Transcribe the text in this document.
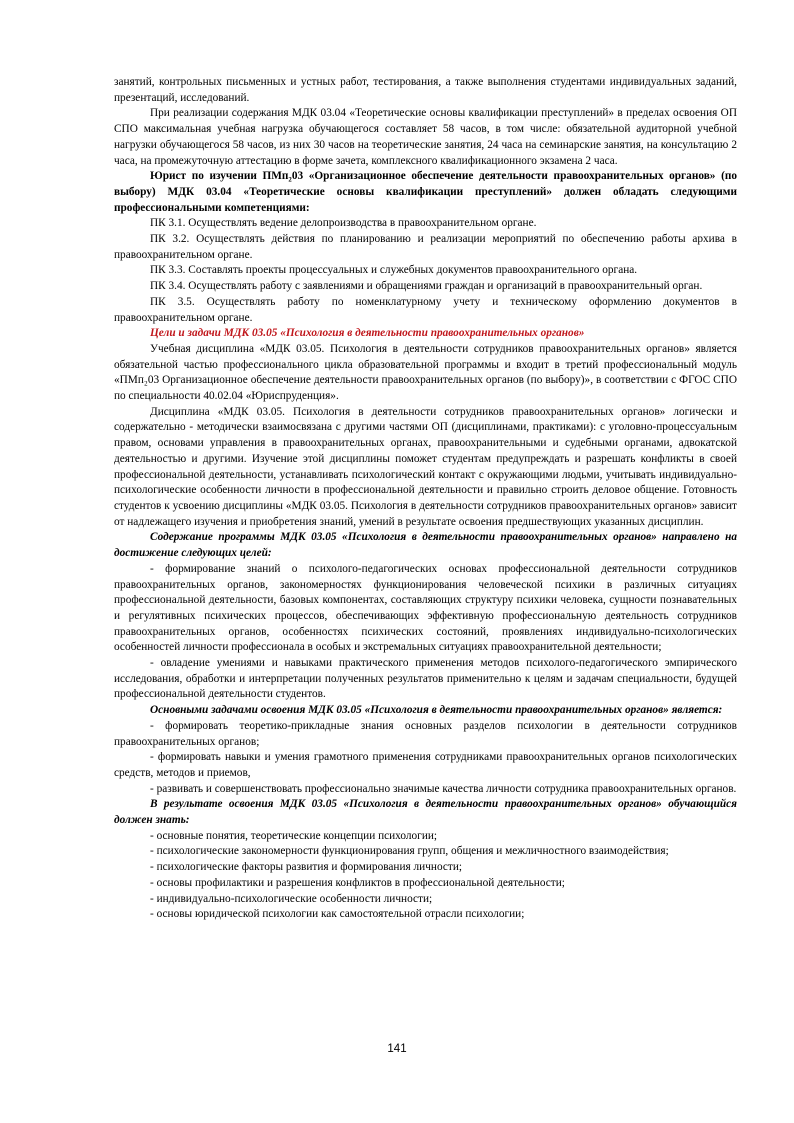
занятий, контрольных письменных и устных работ, тестирования, а также выполнения студентами индивидуальных заданий, презентаций, исследований.

При реализации содержания МДК 03.04 «Теоретические основы квалификации преступлений» в пределах освоения ОП СПО максимальная учебная нагрузка обучающегося составляет 58 часов, в том числе: обязательной аудиторной учебной нагрузки обучающегося 58 часов, из них 30 часов на теоретические занятия, 24 часа на семинарские занятия, на консультацию 2 часа, на промежуточную аттестацию в форме зачета, комплексного квалификационного экзамена 2 часа.

Юрист по изучении ПМп₂03 «Организационное обеспечение деятельности правоохранительных органов» (по выбору) МДК 03.04 «Теоретические основы квалификации преступлений» должен обладать следующими профессиональными компетенциями:

ПК 3.1. Осуществлять ведение делопроизводства в правоохранительном органе.

ПК 3.2. Осуществлять действия по планированию и реализации мероприятий по обеспечению работы архива в правоохранительном органе.

ПК 3.3. Составлять проекты процессуальных и служебных документов правоохранительного органа.

ПК 3.4. Осуществлять работу с заявлениями и обращениями граждан и организаций в правоохранительный орган.

ПК 3.5. Осуществлять работу по номенклатурному учету и техническому оформлению документов в правоохранительном органе.

Цели и задачи МДК 03.05 «Психология в деятельности правоохранительных органов»

Учебная дисциплина «МДК 03.05. Психология в деятельности сотрудников правоохранительных органов» является обязательной частью профессионального цикла образовательной программы и входит в третий профессиональный модуль «ПМп₂03 Организационное обеспечение деятельности правоохранительных органов (по выбору)», в соответствии с ФГОС СПО по специальности 40.02.04 «Юриспруденция».

Дисциплина «МДК 03.05. Психология в деятельности сотрудников правоохранительных органов» логически и содержательно - методически взаимосвязана с другими частями ОП (дисциплинами, практиками): с уголовно-процессуальным правом, основами управления в правоохранительных органах, правоохранительными и судебными органами, адвокатской деятельностью и другими. Изучение этой дисциплины поможет студентам предупреждать и разрешать конфликты в своей профессиональной деятельности, устанавливать психологический контакт с окружающими людьми, учитывать индивидуально-психологические особенности личности в профессиональной деятельности и правильно строить деловое общение. Готовность студентов к усвоению дисциплины «МДК 03.05. Психология в деятельности сотрудников правоохранительных органов» зависит от надлежащего изучения и приобретения знаний, умений в результате освоения предшествующих указанных дисциплин.

Содержание программы МДК 03.05 «Психология в деятельности правоохранительных органов» направлено на достижение следующих целей:

- формирование знаний о психолого-педагогических основах профессиональной деятельности сотрудников правоохранительных органов, закономерностях функционирования человеческой психики в различных ситуациях профессиональной деятельности, базовых компонентах, составляющих структуру психики человека, сущности познавательных и регулятивных психических процессов, обеспечивающих эффективную профессиональную деятельность сотрудников правоохранительных органов, особенностях психических состояний, проявлениях индивидуально-психологических особенностей личности профессионала в особых и экстремальных ситуациях правоохранительной деятельности;

- овладение умениями и навыками практического применения методов психолого-педагогического эмпирического исследования, обработки и интерпретации полученных результатов применительно к целям и задачам специальности, будущей профессиональной деятельности студентов.

Основными задачами освоения МДК 03.05 «Психология в деятельности правоохранительных органов» является:

- формировать теоретико-прикладные знания основных разделов психологии в деятельности сотрудников правоохранительных органов;

- формировать навыки и умения грамотного применения сотрудниками правоохранительных органов психологических средств, методов и приемов,

- развивать и совершенствовать профессионально значимые качества личности сотрудника правоохранительных органов.

В результате освоения МДК 03.05 «Психология в деятельности правоохранительных органов» обучающийся должен знать:

- основные понятия, теоретические концепции психологии;

- психологические закономерности функционирования групп, общения и межличностного взаимодействия;

- психологические факторы развития и формирования личности;

- основы профилактики и разрешения конфликтов в профессиональной деятельности;

- индивидуально-психологические особенности личности;

- основы юридической психологии как самостоятельной отрасли психологии;

141
